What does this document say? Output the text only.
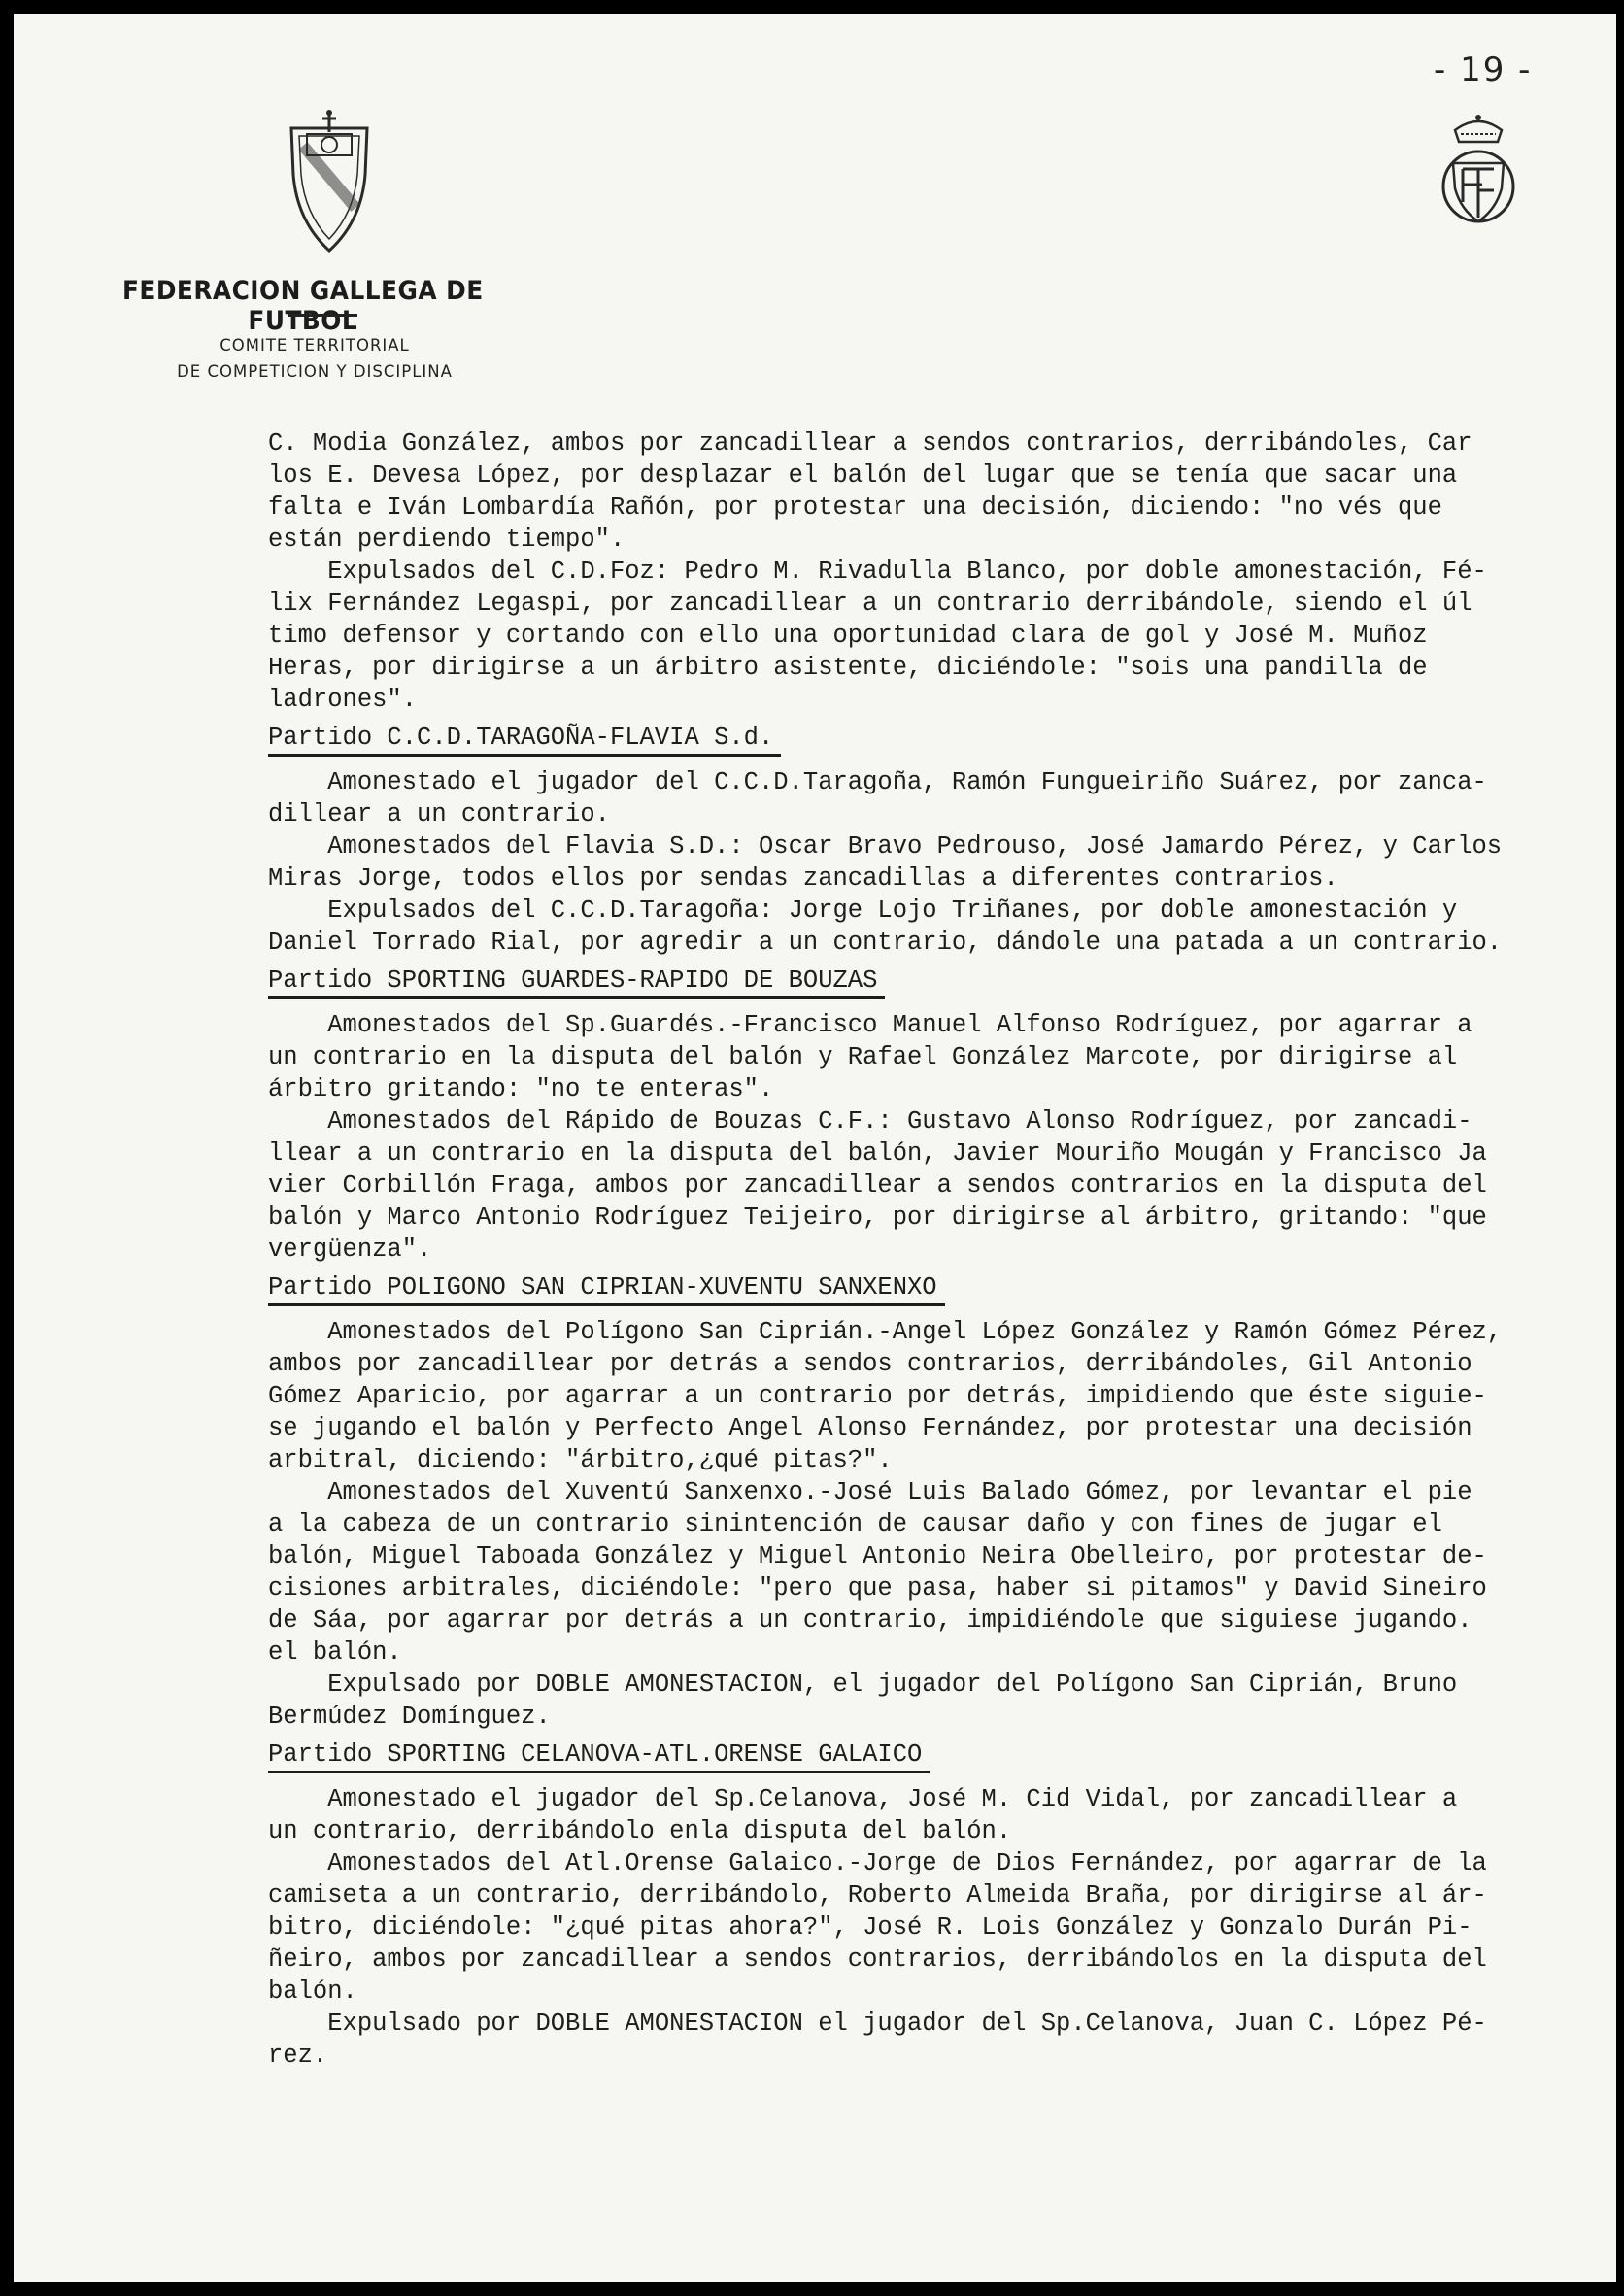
- 19 -
FEDERACION GALLEGA DE FUTBOL
COMITE TERRITORIAL
DE COMPETICION Y DISCIPLINA
C. Modia González, ambos por zancadillear a sendos contrarios, derribándoles, Car
los E. Devesa López, por desplazar el balón del lugar que se tenía que sacar una
falta e Iván Lombardía Rañón, por protestar una decisión, diciendo: "no vés que
están perdiendo tiempo".
Expulsados del C.D.Foz: Pedro M. Rivadulla Blanco, por doble amonestación, Fé-
lix Fernández Legaspi, por zancadillear a un contrario derribándole, siendo el úl
timo defensor y cortando con ello una oportunidad clara de gol y José M. Muñoz
Heras, por dirigirse a un árbitro asistente, diciéndole: "sois una pandilla de
ladrones".
Partido C.C.D.TARAGOÑA-FLAVIA S.d.
Amonestado el jugador del C.C.D.Taragoña, Ramón Fungueiriño Suárez, por zanca-
dillear a un contrario.
Amonestados del Flavia S.D.: Oscar Bravo Pedrouso, José Jamardo Pérez, y Carlos
Miras Jorge, todos ellos por sendas zancadillas a diferentes contrarios.
Expulsados del C.C.D.Taragoña: Jorge Lojo Triñanes, por doble amonestación y
Daniel Torrado Rial, por agredir a un contrario, dándole una patada a un contrario.
Partido SPORTING GUARDES-RAPIDO DE BOUZAS
Amonestados del Sp.Guardés.-Francisco Manuel Alfonso Rodríguez, por agarrar a
un contrario en la disputa del balón y Rafael González Marcote, por dirigirse al
árbitro gritando: "no te enteras".
Amonestados del Rápido de Bouzas C.F.: Gustavo Alonso Rodríguez, por zancadi-
llear a un contrario en la disputa del balón, Javier Mouriño Mougán y Francisco Ja
vier Corbillón Fraga, ambos por zancadillear a sendos contrarios en la disputa del
balón y Marco Antonio Rodríguez Teijeiro, por dirigirse al árbitro, gritando: "que
vergüenza".
Partido POLIGONO SAN CIPRIAN-XUVENTU SANXENXO
Amonestados del Polígono San Ciprián.-Angel López González y Ramón Gómez Pérez,
ambos por zancadillear por detrás a sendos contrarios, derribándoles, Gil Antonio
Gómez Aparicio, por agarrar a un contrario por detrás, impidiendo que éste siguie-
se jugando el balón y Perfecto Angel Alonso Fernández, por protestar una decisión
arbitral, diciendo: "árbitro,¿qué pitas?".
Amonestados del Xuventú Sanxenxo.-José Luis Balado Gómez, por levantar el pie
a la cabeza de un contrario sinintención de causar daño y con fines de jugar el
balón, Miguel Taboada González y Miguel Antonio Neira Obelleiro, por protestar de-
cisiones arbitrales, diciéndole: "pero que pasa, haber si pitamos" y David Sineiro
de Sáa, por agarrar por detrás a un contrario, impidiéndole que siguiese jugando.
el balón.
Expulsado por DOBLE AMONESTACION, el jugador del Polígono San Ciprián, Bruno
Bermúdez Domínguez.
Partido SPORTING CELANOVA-ATL.ORENSE GALAICO
Amonestado el jugador del Sp.Celanova, José M. Cid Vidal, por zancadillear a
un contrario, derribándolo enla disputa del balón.
Amonestados del Atl.Orense Galaico.-Jorge de Dios Fernández, por agarrar de la
camiseta a un contrario, derribándolo, Roberto Almeida Braña, por dirigirse al ár-
bitro, diciéndole: "¿qué pitas ahora?", José R. Lois González y Gonzalo Durán Pi-
ñeiro, ambos por zancadillear a sendos contrarios, derribándolos en la disputa del
balón.
Expulsado por DOBLE AMONESTACION el jugador del Sp.Celanova, Juan C. López Pé-
rez.
